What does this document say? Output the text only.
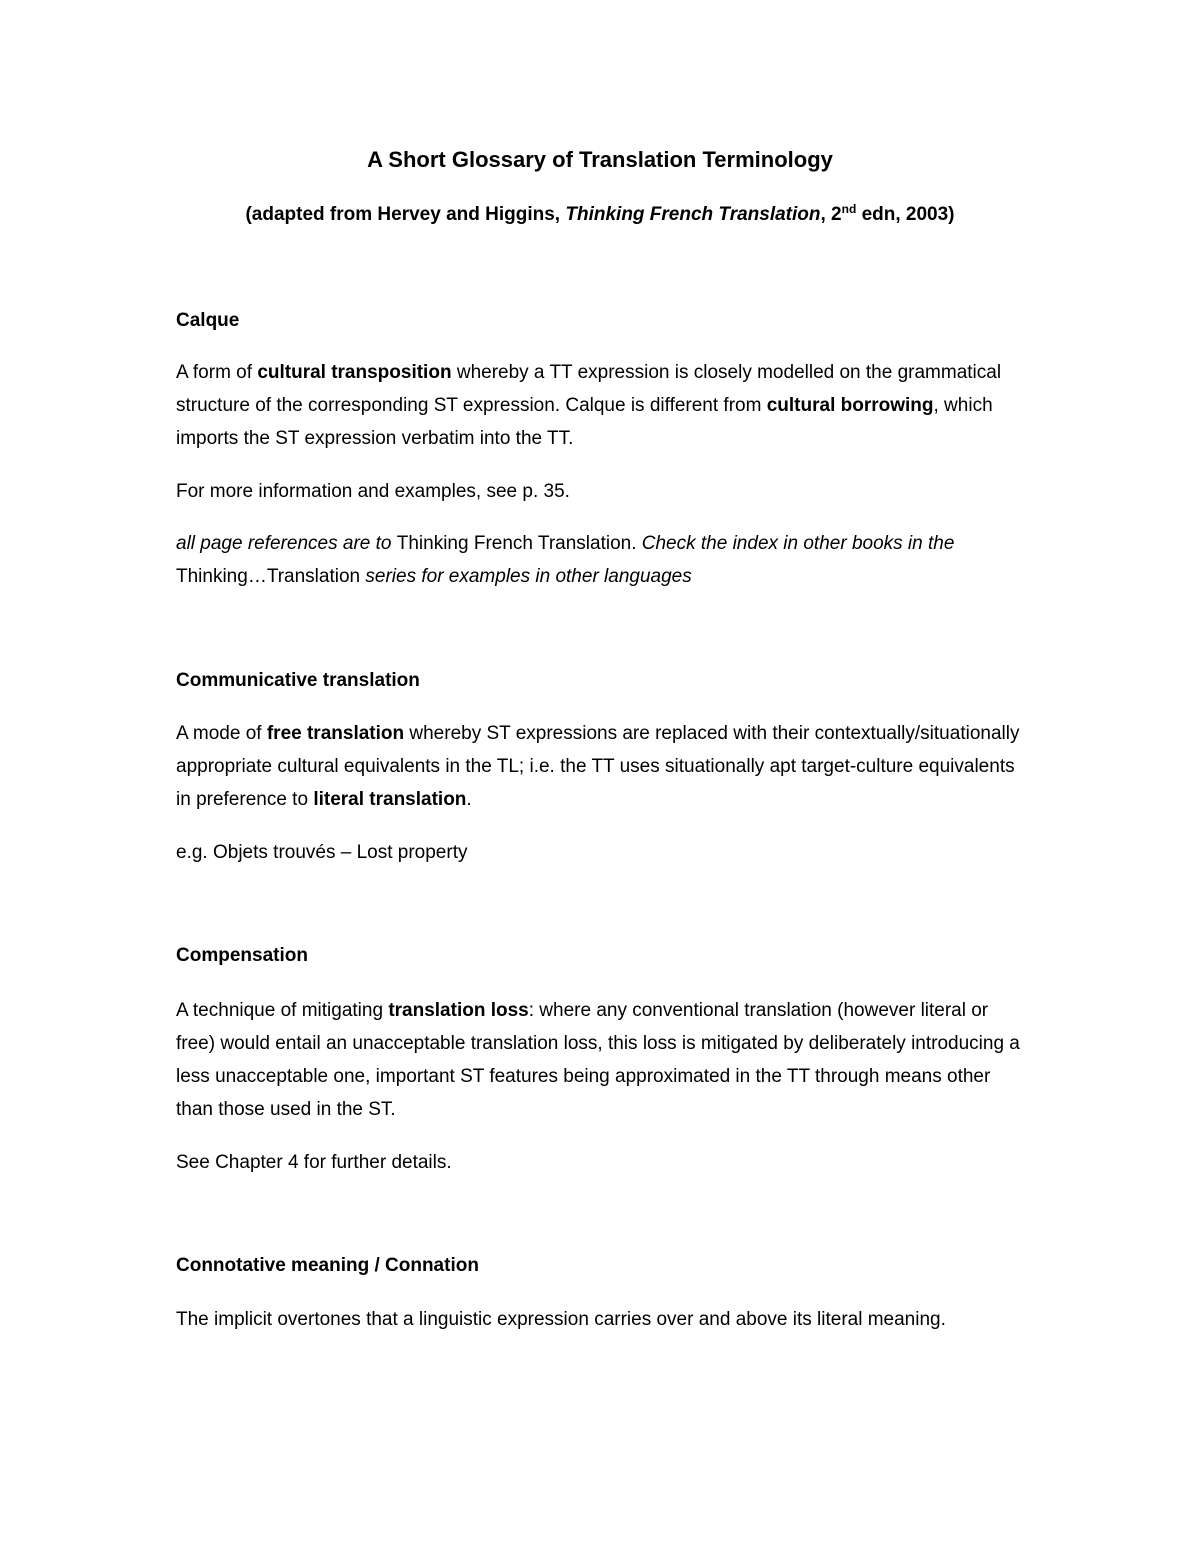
A Short Glossary of Translation Terminology
(adapted from Hervey and Higgins, Thinking French Translation, 2nd edn, 2003)
Calque
A form of cultural transposition whereby a TT expression is closely modelled on the grammatical structure of the corresponding ST expression. Calque is different from cultural borrowing, which imports the ST expression verbatim into the TT.
For more information and examples, see p. 35.
all page references are to Thinking French Translation. Check the index in other books in the Thinking…Translation series for examples in other languages
Communicative translation
A mode of free translation whereby ST expressions are replaced with their contextually/situationally appropriate cultural equivalents in the TL; i.e. the TT uses situationally apt target-culture equivalents in preference to literal translation.
e.g. Objets trouvés – Lost property
Compensation
A technique of mitigating translation loss: where any conventional translation (however literal or free) would entail an unacceptable translation loss, this loss is mitigated by deliberately introducing a less unacceptable one, important ST features being approximated in the TT through means other than those used in the ST.
See Chapter 4 for further details.
Connotative meaning / Connation
The implicit overtones that a linguistic expression carries over and above its literal meaning.
